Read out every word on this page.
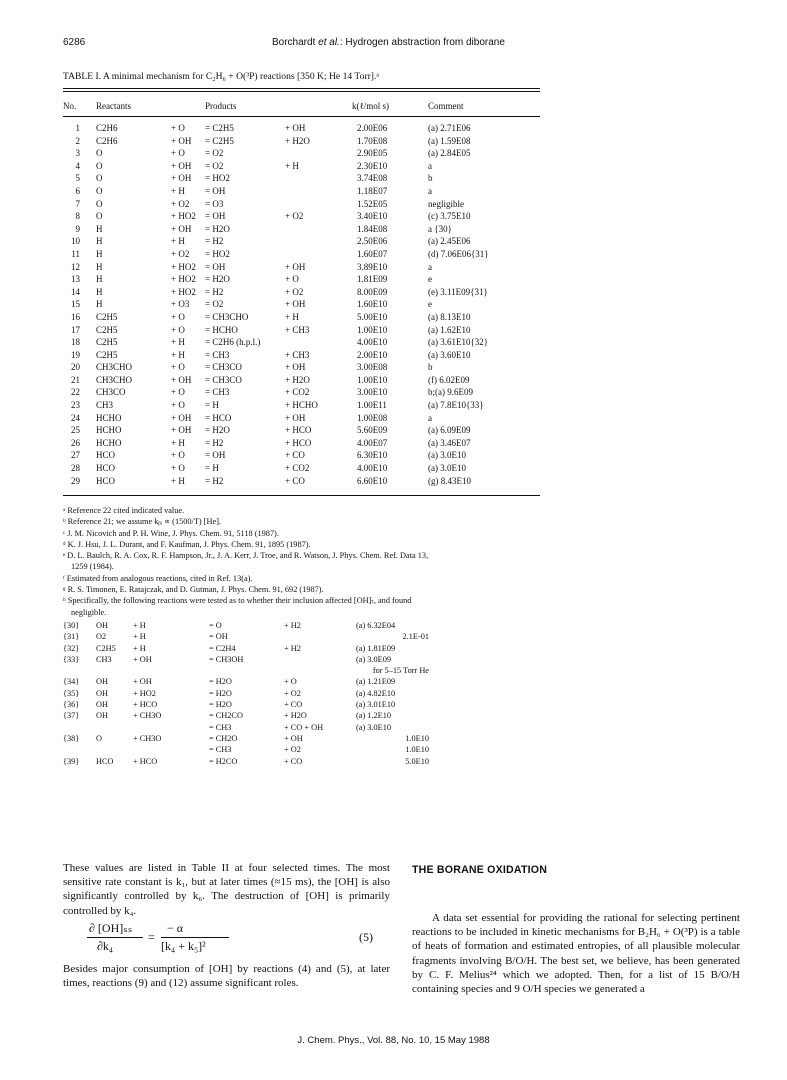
6286	Borchardt et al.: Hydrogen abstraction from diborane
TABLE I. A minimal mechanism for C₂H₆ + O(³P) reactions [350 K; He 14 Torr].ᵃ
No. Reactants	Products	k(ℓ/mol s)	Comment
1 C2H6	+ O = C2H5	+ OH	2.00E06	(a) 2.71E06
2 C2H6	+ OH = C2H5	+ H2O	1.70E08	(a) 1.59E08
3 O	+ O = O2	2.90E05	(a) 2.84E05
4 O	+ OH = O2	+ H	2.30E10	a
5 O	+ OH = HO2	3.74E08	b
6 O	+ H = OH	1.18E07	a
7 O	+ O2 = O3	1.52E05	negligible
8 O	+ HO2 = OH	+ O2	3.40E10	(c) 3.75E10
9 H	+ OH = H2O	1.84E08	a {30}
10 H	+ H = H2	2.50E06	(a) 2.45E06
11 H	+ O2 = HO2	1.60E07	(d) 7.06E06{31}
12 H	+ HO2 = OH	+ OH	3.89E10	a
13 H	+ HO2 = H2O	+ O	1.81E09	e
14 H	+ HO2 = H2	+ O2	8.00E09	(e) 3.11E09{31}
15 H	+ O3 = O2	+ OH	1.60E10	e
16 C2H5	+ O = CH3CHO	+ H	5.00E10	(a) 8.13E10
17 C2H5	+ O = HCHO	+ CH3	1.00E10	(a) 1.62E10
18 C2H5	+ H = C2H6 (h.p.l.)	4.00E10	(a) 3.61E10{32}
19 C2H5	+ H = CH3	+ CH3	2.00E10	(a) 3.60E10
20 CH3CHO	+ O = CH3CO	+ OH	3.00E08	b
21 CH3CHO	+ OH = CH3CO	+ H2O	1.00E10	(f) 6.02E09
22 CH3CO	+ O = CH3	+ CO2	3.00E10	b;(a) 9.6E09
23 CH3	+ O = H	+ HCHO	1.00E11	(a) 7.8E10{33}
24 HCHO	+ OH = HCO	+ OH	1.00E08	a
25 HCHO	+ OH = H2O	+ HCO	5.60E09	(a) 6.09E09
26 HCHO	+ H = H2	+ HCO	4.00E07	(a) 3.46E07
27 HCO	+ O = OH	+ CO	6.30E10	(a) 3.0E10
28 HCO	+ O = H	+ CO2	4.00E10	(a) 3.0E10
29 HCO	+ H = H2	+ CO	6.60E10	(g) 8.43E10
ᵃ Reference 22 cited indicated value.
ᵇ Reference 21; we assume kᵦᵢ ∝ (1500/T) [He].
ᶜ J. M. Nicovich and P. H. Wine, J. Phys. Chem. 91, 5118 (1987).
ᵈ K. J. Hsu, J. L. Durant, and F. Kaufman, J. Phys. Chem. 91, 1895 (1987).
ᵉ D. L. Baulch, R. A. Cox, R. F. Hampson, Jr., J. A. Kerr, J. Troe, and R. Watson, J. Phys. Chem. Ref. Data 13,
1259 (1984).
ᶠ Estimated from analogous reactions, cited in Ref. 13(a).
ᵍ R. S. Timonen, E. Ratajczak, and D. Gutman, J. Phys. Chem. 91, 692 (1987).
ʰ Specifically, the following reactions were tested as to whether their inclusion affected [OH]ₜ, and found
negligible.
{30} OH	+ H	= O	+ H2	(a) 6.32E04
{31} O2	+ H	= OH	2.1E-01
{32} C2H5 + H	= C2H4	+ H2	(a) 1.81E09
{33} CH3	+ OH	= CH3OH	(a) 3.0E09
for 5–15 Torr He
{34} OH	+ OH	= H2O	+ O	(a) 1.21E09
{35} OH	+ HO2	= H2O	+ O2	(a) 4.82E10
{36} OH	+ HCO	= H2O	+ CO	(a) 3.01E10
{37} OH	+ CH3O	= CH2CO	+ H2O	(a) 1.2E10
= CH3	+ CO + OH	(a) 3.0E10
{38} O	+ CH3O	= CH2O	+ OH	1.0E10
= CH3	+ O2	1.0E10
{39} HCO + HCO	= H2CO	+ CO	5.0E10

These values are listed in Table II at four selected times. The most sensitive rate constant is k₁, but at later times (≈15 ms), the [OH] is also significantly controlled by k₆. The destruction of [OH] is primarily controlled by k₄.

∂ [OH]ₛₛ
∂k₄
=
− α
[k₄ + k₅]²
(5)

Besides major consumption of [OH] by reactions (4) and (5), at later times, reactions (9) and (12) assume significant roles.

THE BORANE OXIDATION
A data set essential for providing the rational for selecting pertinent reactions to be included in kinetic mechanisms for B₂H₆ + O(³P) is a table of heats of formation and estimated entropies, of all plausible molecular fragments involving B/O/H. The best set, we believe, has been generated by C. F. Melius²⁴ which we adopted. Then, for a list of 15 B/O/H containing species and 9 O/H species we generated a
J. Chem. Phys., Vol. 88, No. 10, 15 May 1988
